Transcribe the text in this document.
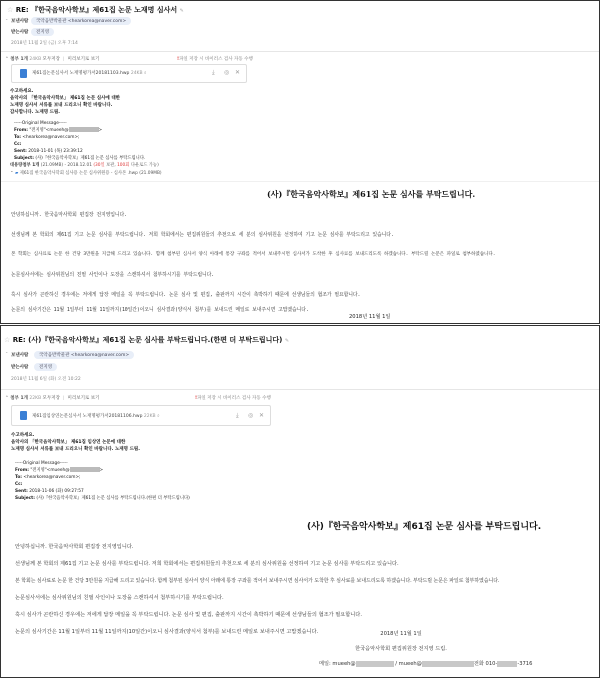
☆ RE: 『한국음악사학보』제61집 논문 노재명 심사서 ✎
⌃ 보낸사람	국악음반박물관 <hearkorea@naver.com>
받는사람	전지영
2018년 11월 2일 (금) 오후 7:14
⌃ 첨부 1개 24KB 모두저장 | 미리보기로 보기	!파일 저장 시 바이러스 검사 자동 수행
제61집논문심사서 노재명평가서20181103.hwp 24KB ⌕	⤓ ◎ ✕
수고하세요.
음악사의 「한국음악사학보」 제61집 논문 심사에 대한
노재명 심사서 서류를 보내 드리오니 확인 바랍니다.
감사합니다. 노재명 드림.
-----Original Message-----
From: "전지영"<mueeh@	>
To: <hearkorea@naver.com>;
Cc:
Sent: 2018-11-01 (목) 23:39:12
Subject: (사)『한국음악사학보』제61집 논문 심사를 부탁드립니다.
대용량첨부 1개 (21.09MB) - 2018.12.01 (30일 보관, 100회 다운로드 가능)
⌃ ▰ 제61집 한국음악사학회 심사용 논문 심사위원용 - 심사본 .hwp (21.09MB)
(사)『한국음악사학보』제61집 논문 심사를 부탁드립니다.
안녕하십니까. 한국음악사학회 편집장 전지영입니다.
선생님께 본 학회의 제61집 기고 논문 심사를 부탁드립니다. 저희 학회에서는 편집위원들의 추천으로 세 분의 심사위원을 선정하여 기고 논문 심사를 부탁드리고 있습니다.
본 학회는 심사료로 논문 한 건당 3만원을 지급해 드리고 있습니다. 함께 첨부된 심사서 양식 아래에 통장 구좌를 적어서 보내주시면 심사서가 도착한 후 심사료를 보내드리도록 하겠습니다. 부탁드릴 논문은 파일로 첨부하였습니다.
논문심사서에는 심사위원님의 친필 사인이나 도장을 스캔하셔서 첨부하시기를 부탁드립니다.
혹시 심사가 곤란하신 경우에는 저에게 답장 메일을 꼭 부탁드립니다. 논문 심사 및 편집, 출판까지 시간이 촉박하기 때문에 선생님들의 협조가 필요합니다.
논문의 심사기간은 11월 1일부터 11월 11일까지(10일간)이오니 심사결과(양식서 첨부)를 보내드린 메일로 보내주시면 고맙겠습니다.
2018년 11월 1일
☆ RE: (사)『한국음악사학보』제61집 논문 심사를 부탁드립니다.(한편 더 부탁드립니다) ✎
⌃ 보낸사람	국악음반박물관 <hearkorea@naver.com>
받는사람	전지영
2018년 11월 6일 (화) 오전 10:22
⌃ 첨부 1개 22KB 모두저장 | 미리보기로 보기	!파일 저장 시 바이러스 검사 자동 수행
제61집임상연논문심사서 노재명평가서20181106.hwp 22KB ⌕	⤓ ◎ ✕
수고하세요.
음악사의 「한국음악사학보」 제61집 임상연 논문에 대한
노재명 심사서 서류를 보내 드리오니 확인 바랍니다. 노재명 드림.
-----Original Message-----
From: "전지영"<mueeh@	>
To: <hearkorea@naver.com>;
Cc:
Sent: 2018-11-06 (화) 09:27:57
Subject: (사)『한국음악사학보』제61집 논문 심사를 부탁드립니다.(한편 더 부탁드립니다)
(사)『한국음악사학보』제61집 논문 심사를 부탁드립니다.
안녕하십니까. 한국음악사학회 편집장 전지영입니다.
선생님께 본 학회의 제61집 기고 논문 심사를 부탁드립니다. 저희 학회에서는 편집위원들의 추천으로 세 분의 심사위원을 선정하여 기고 논문 심사를 부탁드리고 있습니다.
본 학회는 심사료로 논문 한 건당 3만원을 지급해 드리고 있습니다. 함께 첨부된 심사서 양식 아래에 통장 구좌를 적어서 보내주시면 심사서가 도착한 후 심사료를 보내드리도록 하겠습니다. 부탁드릴 논문은 파일로 첨부하였습니다.
논문심사서에는 심사위원님의 친필 사인이나 도장을 스캔하셔서 첨부하시기를 부탁드립니다.
혹시 심사가 곤란하신 경우에는 저에게 답장 메일을 꼭 부탁드립니다. 논문 심사 및 편집, 출판까지 시간이 촉박하기 때문에 선생님들의 협조가 필요합니다.
논문의 심사기간은 11월 1일부터 11월 11일까지(10일간)이오니 심사결과(양식서 첨부)를 보내드린 메일로 보내주시면 고맙겠습니다.	2018년 11월 1일
한국음악사학회 편집위원장 전지영 드림.
메일: mueeh@	/ mueeh@	전화 010-	-3716
